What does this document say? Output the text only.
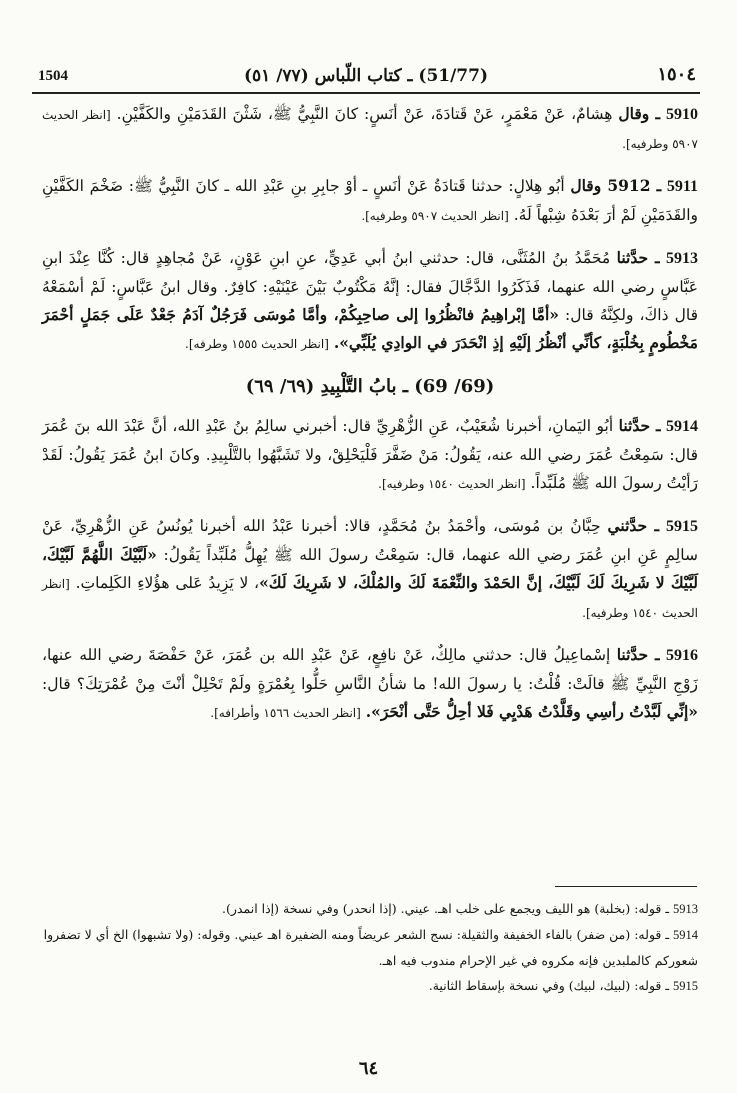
1504	(51/77) ـ كتاب اللّباس (٧٧/ ٥١)	١٥٠٤

5910 ـ وقال هِشامٌ، عَنْ مَعْمَرٍ، عَنْ قَتادَةَ، عَنْ أنَسٍ: كانَ النَّبِيُّ ﷺ، شَثْنَ القَدَمَيْنِ والكَفَّيْنِ. [انظر الحديث ٥٩٠٧ وطرفيه].

5911 ـ 5912 وقال أبُو هِلالٍ: حدثنا قَتادَةُ عَنْ أنَسٍ ـ أوْ جابِرِ بنِ عَبْدِ الله ـ كانَ النَّبِيُّ ﷺ: ضَخْمَ الكَفَّيْنِ والقَدَمَيْنِ لَمْ أرَ بَعْدَهُ شِبْهاً لَهُ. [انظر الحديث ٥٩٠٧ وطرفيه].

5913 ـ حدَّثنا مُحَمَّدُ بنُ المُثَنَّى، قال: حدثني ابنُ أبي عَدِيٍّ، عنِ ابنِ عَوْنٍ، عَنْ مُجاهِدٍ قال: كُنَّا عِنْدَ ابنِ عَبَّاسٍ رضي الله عنهما، فَذَكَرُوا الدَّجَّالَ فقال: إنَّهُ مَكْتُوبٌ بَيْنَ عَيْنَيْهِ: كافِرٌ. وقال ابنُ عَبَّاسٍ: لَمْ أسْمَعْهُ قال ذاكَ، ولكِنَّهُ قال: «أمَّا إبْراهِيمُ فانْظُرُوا إلى صاحِبِكُمْ، وأمَّا مُوسَى فَرَجُلٌ آدَمُ جَعْدٌ عَلَى جَمَلٍ أحْمَرَ مَخْطُومٍ بِخُلْبَةٍ، كأنِّي أنْظُرُ إلَيْهِ إذِ انْحَدَرَ في الوادِي يُلَبِّي». [انظر الحديث ١٥٥٥ وطرفه].

(69/ 69) ـ بابُ التَّلْبِيدِ (٦٩/ ٦٩)

5914 ـ حدَّثنا أبُو اليَمانِ، أخبرنا شُعَيْبٌ، عَنِ الزُّهْرِيِّ قال: أخبرني سالِمُ بنُ عَبْدِ الله، أنَّ عَبْدَ الله بنَ عُمَرَ قال: سَمِعْتُ عُمَرَ رضي الله عنه، يَقُولُ: مَنْ ضَفَّرَ فَلْيَحْلِقْ، ولا تَشَبَّهُوا بالتَّلْبِيدِ. وكانَ ابنُ عُمَرَ يَقُولُ: لَقَدْ رَأيْتُ رسولَ الله ﷺ مُلَبِّداً. [انظر الحديث ١٥٤٠ وطرفيه].

5915 ـ حدَّثني حِبَّانُ بن مُوسَى، وأحْمَدُ بنُ مُحَمَّدٍ، قالا: أخبرنا عَبْدُ الله أخبرنا يُونُسُ عَنِ الزُّهْرِيِّ، عَنْ سالِمٍ عَنِ ابنِ عُمَرَ رضي الله عنهما، قال: سَمِعْتُ رسولَ الله ﷺ يُهِلُّ مُلَبِّداً يَقُولُ: «لَبَّيْكَ اللَّهُمَّ لَبَّيْكَ، لَبَّيْكَ لا شَرِيكَ لَكَ لَبَّيْكَ، إنَّ الحَمْدَ والنِّعْمَةَ لَكَ والمُلْكَ، لا شَرِيكَ لَكَ»، لا يَزِيدُ عَلى هؤُلاءِ الكَلِماتِ. [انظر الحديث ١٥٤٠ وطرفيه].

5916 ـ حدَّثنا إسْماعِيلُ قال: حدثني مالِكٌ، عَنْ نافِعٍ، عَنْ عَبْدِ الله بن عُمَرَ، عَنْ حَفْصَةَ رضي الله عنها، زَوْجِ النَّبِيِّ ﷺ قالَتْ: قُلْتُ: يا رسولَ الله! ما شأنُ النَّاسِ حَلُّوا بِعُمْرَةٍ ولَمْ تَحْلِلْ أنْتَ مِنْ عُمْرَتِكَ؟ قال: «إنِّي لَبَّدْتُ رأسِي وقَلَّدْتُ هَدْيِي فَلا أحِلُّ حَتَّى أنْحَرَ». [انظر الحديث ١٥٦٦ وأطرافه].

5913 ـ قوله: (بخلبة) هو الليف ويجمع على خلب اهـ. عيني. (إذا انحدر) وفي نسخة (إذا انمدر).

5914 ـ قوله: (من ضفر) بالفاء الخفيفة والثقيلة: نسج الشعر عريضاً ومنه الضفيرة اهـ عيني. وقوله: (ولا تشبهوا) الخ أي لا تضفروا شعوركم كالملبدين فإنه مكروه في غير الإحرام مندوب فيه اهـ.

5915 ـ قوله: (لبيك، لبيك) وفي نسخة بإسقاط الثانية.

٦٤
